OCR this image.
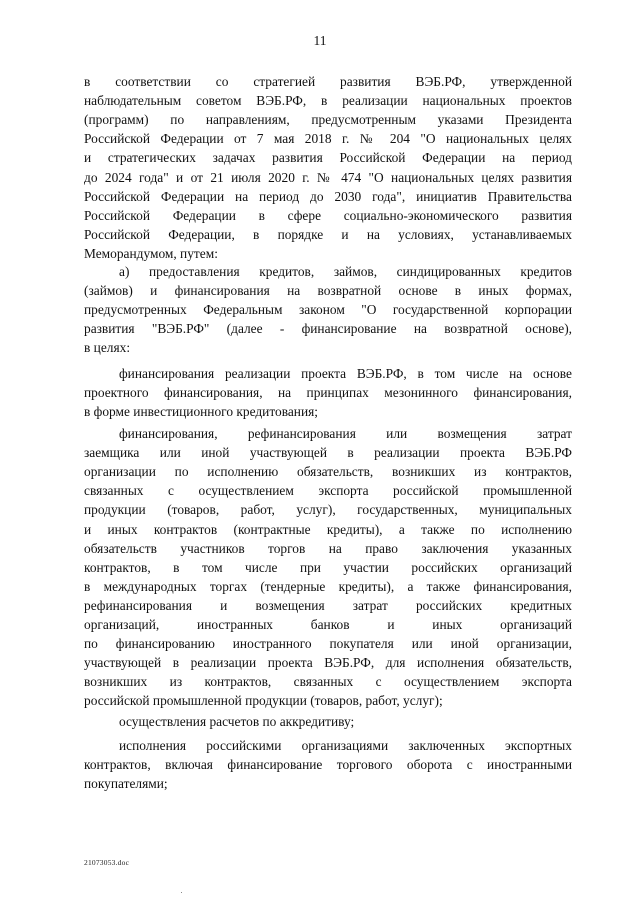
11
в соответствии со стратегией развития ВЭБ.РФ, утвержденной
наблюдательным советом ВЭБ.РФ, в реализации национальных проектов
(программ) по направлениям, предусмотренным указами Президента
Российской Федерации от 7 мая 2018 г. № 204 "О национальных целях
и стратегических задачах развития Российской Федерации на период
до 2024 года" и от 21 июля 2020 г. № 474 "О национальных целях развития
Российской Федерации на период до 2030 года", инициатив Правительства
Российской Федерации в сфере социально-экономического развития
Российской Федерации, в порядке и на условиях, устанавливаемых
Меморандумом, путем:
а) предоставления кредитов, займов, синдицированных кредитов
(займов) и финансирования на возвратной основе в иных формах,
предусмотренных Федеральным законом "О государственной корпорации
развития "ВЭБ.РФ" (далее - финансирование на возвратной основе),
в целях:
финансирования реализации проекта ВЭБ.РФ, в том числе на основе
проектного финансирования, на принципах мезонинного финансирования,
в форме инвестиционного кредитования;
финансирования, рефинансирования или возмещения затрат
заемщика или иной участвующей в реализации проекта ВЭБ.РФ
организации по исполнению обязательств, возникших из контрактов,
связанных с осуществлением экспорта российской промышленной
продукции (товаров, работ, услуг), государственных, муниципальных
и иных контрактов (контрактные кредиты), а также по исполнению
обязательств участников торгов на право заключения указанных
контрактов, в том числе при участии российских организаций
в международных торгах (тендерные кредиты), а также финансирования,
рефинансирования и возмещения затрат российских кредитных
организаций, иностранных банков и иных организаций
по финансированию иностранного покупателя или иной организации,
участвующей в реализации проекта ВЭБ.РФ, для исполнения обязательств,
возникших из контрактов, связанных с осуществлением экспорта
российской промышленной продукции (товаров, работ, услуг);
осуществления расчетов по аккредитиву;
исполнения российскими организациями заключенных экспортных
контрактов, включая финансирование торгового оборота с иностранными
покупателями;
21073053.doc
